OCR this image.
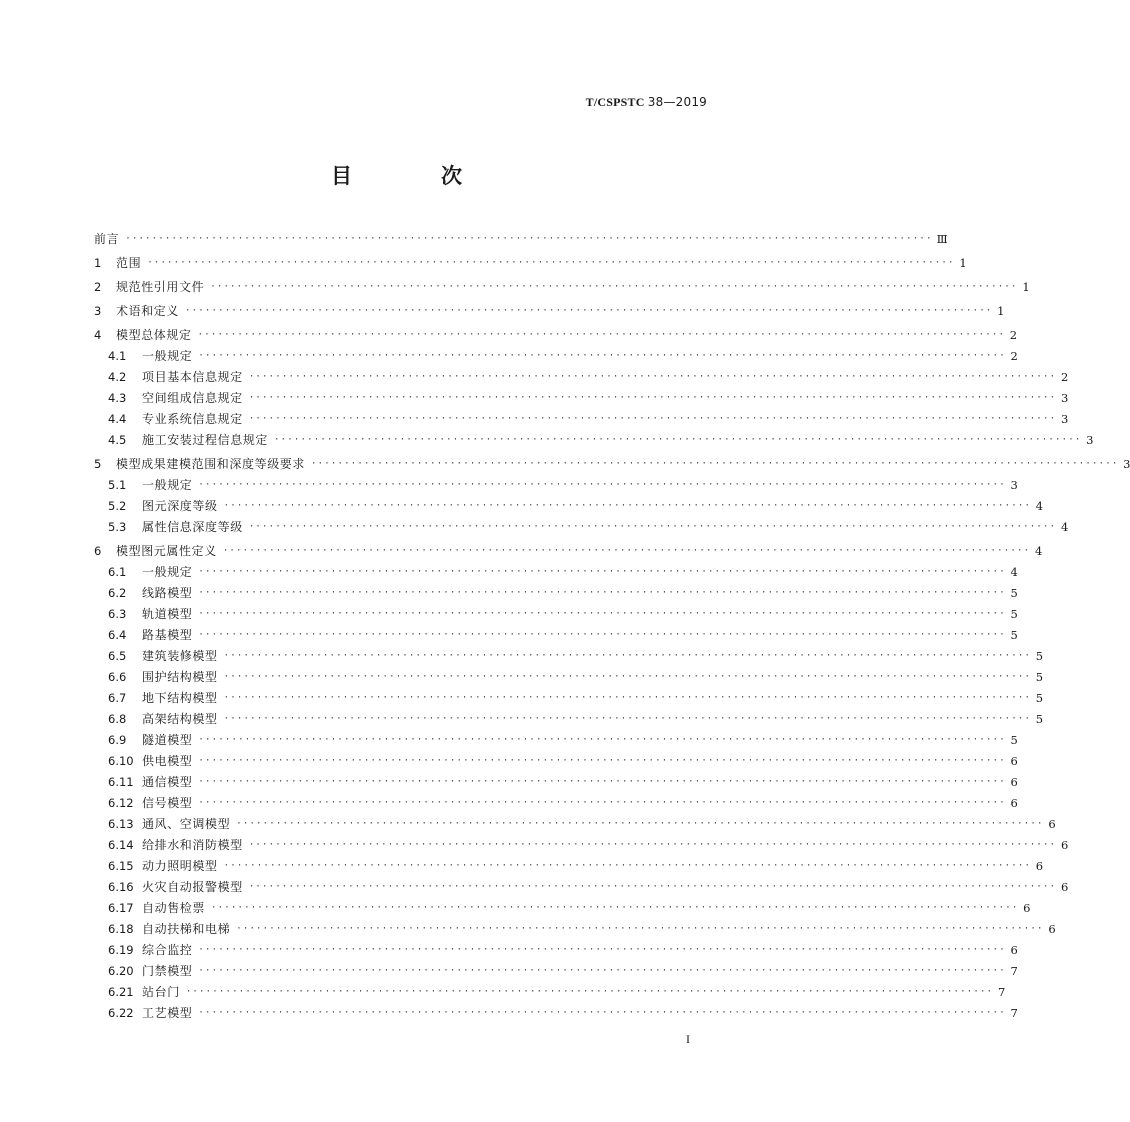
T/CSPSTC 38—2019
目　次
前言 ·························································································································· Ⅲ
1	范围 ·························································································································· 1
2	规范性引用文件 ·························································································································· 1
3	术语和定义 ·························································································································· 1
4	模型总体规定 ·························································································································· 2
4.1	一般规定 ·························································································································· 2
4.2	项目基本信息规定 ·························································································································· 2
4.3	空间组成信息规定 ·························································································································· 3
4.4	专业系统信息规定 ·························································································································· 3
4.5	施工安装过程信息规定 ·························································································································· 3
5	模型成果建模范围和深度等级要求 ·························································································································· 3
5.1	一般规定 ·························································································································· 3
5.2	图元深度等级 ·························································································································· 4
5.3	属性信息深度等级 ·························································································································· 4
6	模型图元属性定义 ·························································································································· 4
6.1	一般规定 ·························································································································· 4
6.2	线路模型 ·························································································································· 5
6.3	轨道模型 ·························································································································· 5
6.4	路基模型 ·························································································································· 5
6.5	建筑装修模型 ·························································································································· 5
6.6	围护结构模型 ·························································································································· 5
6.7	地下结构模型 ·························································································································· 5
6.8	高架结构模型 ·························································································································· 5
6.9	隧道模型 ·························································································································· 5
6.10 供电模型 ·························································································································· 6
6.11 通信模型 ·························································································································· 6
6.12 信号模型 ·························································································································· 6
6.13 通风、空调模型 ·························································································································· 6
6.14 给排水和消防模型 ·························································································································· 6
6.15 动力照明模型 ·························································································································· 6
6.16 火灾自动报警模型 ·························································································································· 6
6.17 自动售检票 ·························································································································· 6
6.18 自动扶梯和电梯 ·························································································································· 6
6.19 综合监控 ·························································································································· 6
6.20 门禁模型 ·························································································································· 7
6.21 站台门 ·························································································································· 7
6.22 工艺模型 ·························································································································· 7
I
